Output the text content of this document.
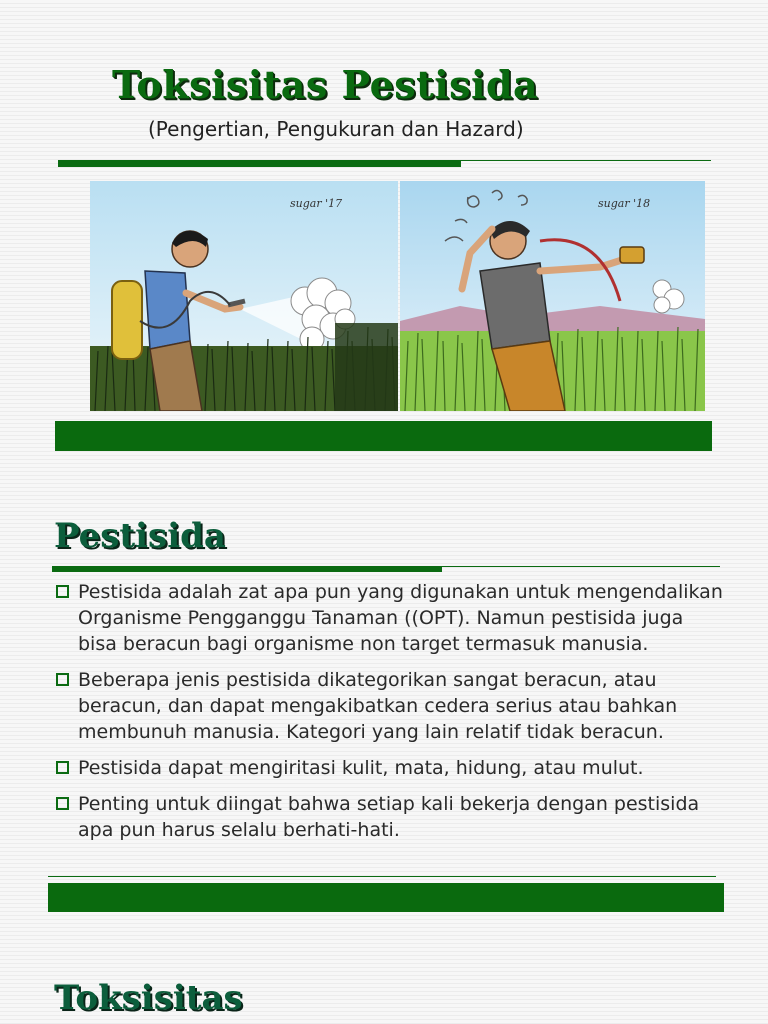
Toksisitas Pestisida
(Pengertian, Pengukuran dan Hazard)
sugar '17	sugar '18
Pestisida
Pestisida adalah zat apa pun yang digunakan untuk mengendalikan Organisme Pengganggu Tanaman ((OPT). Namun pestisida juga bisa beracun bagi organisme non target termasuk manusia.
Beberapa jenis pestisida dikategorikan sangat beracun, atau beracun, dan dapat mengakibatkan cedera serius atau bahkan membunuh manusia. Kategori yang lain relatif tidak beracun.
Pestisida dapat mengiritasi kulit, mata, hidung, atau mulut.
Penting untuk diingat bahwa setiap kali bekerja dengan pestisida apa pun harus selalu berhati-hati.
Toksisitas
